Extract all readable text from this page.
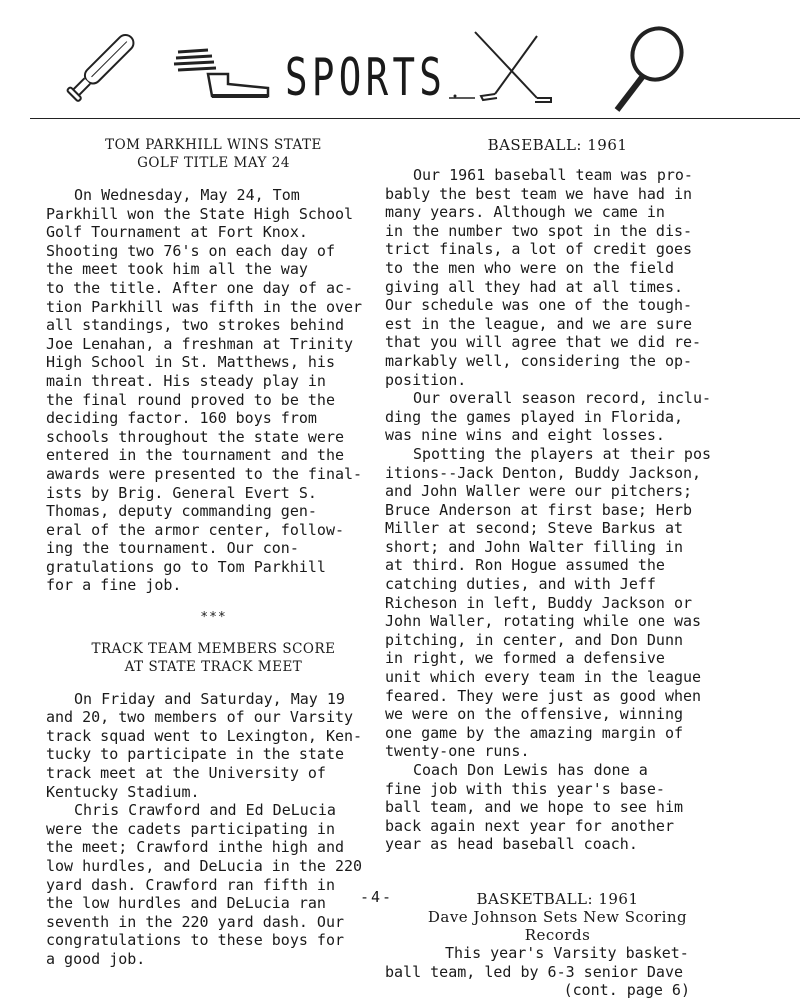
SPORTS
TOM PARKHILL WINS STATE
GOLF TITLE MAY 24

On Wednesday, May 24, Tom
Parkhill won the State High School
Golf Tournament at Fort Knox.
Shooting two 76's on each day of
the meet took him all the way
to the title. After one day of ac-
tion Parkhill was fifth in the over
all standings, two strokes behind
Joe Lenahan, a freshman at Trinity
High School in St. Matthews, his
main threat. His steady play in
the final round proved to be the
deciding factor. 160 boys from
schools throughout the state were
entered in the tournament and the
awards were presented to the final-
ists by Brig. General Evert S.
Thomas, deputy commanding gen-
eral of the armor center, follow-
ing the tournament. Our con-
gratulations go to Tom Parkhill
for a fine job.

***
TRACK TEAM MEMBERS SCORE
AT STATE TRACK MEET

On Friday and Saturday, May 19
and 20, two members of our Varsity
track squad went to Lexington, Ken-
tucky to participate in the state
track meet at the University of
Kentucky Stadium.

Chris Crawford and Ed DeLucia
were the cadets participating in
the meet; Crawford inthe high and
low hurdles, and DeLucia in the 220
yard dash. Crawford ran fifth in
the low hurdles and DeLucia ran
seventh in the 220 yard dash. Our
congratulations to these boys for
a good job.

BASEBALL: 1961

Our 1961 baseball team was pro-
bably the best team we have had in
many years. Although we came in
in the number two spot in the dis-
trict finals, a lot of credit goes
to the men who were on the field
giving all they had at all times.
Our schedule was one of the tough-
est in the league, and we are sure
that you will agree that we did re-
markably well, considering the op-
position.

Our overall season record, inclu-
ding the games played in Florida,
was nine wins and eight losses.

Spotting the players at their pos
itions--Jack Denton, Buddy Jackson,
and John Waller were our pitchers;
Bruce Anderson at first base; Herb
Miller at second; Steve Barkus at
short; and John Walter filling in
at third. Ron Hogue assumed the
catching duties, and with Jeff
Richeson in left, Buddy Jackson or
John Waller, rotating while one was
pitching, in center, and Don Dunn
in right, we formed a defensive
unit which every team in the league
feared. They were just as good when
we were on the offensive, winning
one game by the amazing margin of
twenty-one runs.

Coach Don Lewis has done a
fine job with this year's base-
ball team, and we hope to see him
back again next year for another
year as head baseball coach.

BASKETBALL: 1961
Dave Johnson Sets New Scoring
Records

This year's Varsity basket-
ball team, led by 6-3 senior Dave

(cont. page 6)
-4-
